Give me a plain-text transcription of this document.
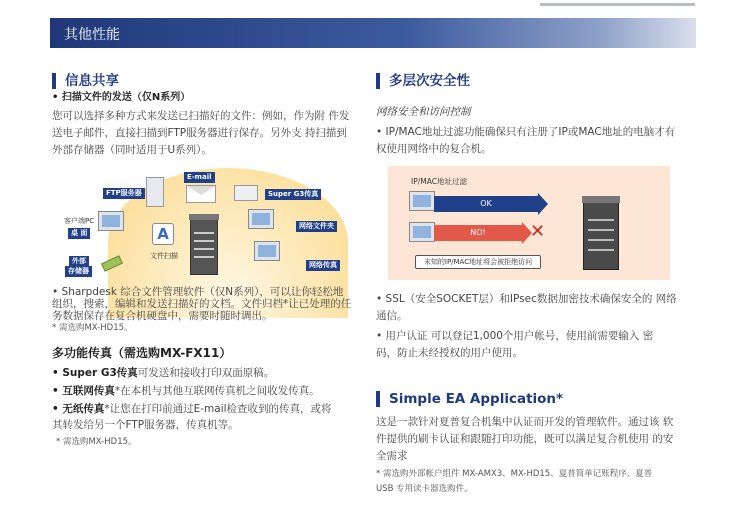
其他性能
信息共享
• 扫描文件的发送（仅N系列）
您可以选择多种方式来发送已扫描好的文件：例如，作为附 件发
送电子邮件，直接扫描到FTP服务器进行保存。另外支 持扫描到
外部存储器（同时适用于U系列）。
FTP服务器
E-mail
Super G3传真
客户端PC
桌 面
网络文件夹
外部
存储器
网络传真
A
文件扫描
• Sharpdesk 综合文件管理软件（仅N系列），可以让你轻松地
组织，搜索，编辑和发送扫描好的文档。文件归档*让已处理的任
务数据保存在复合机硬盘中，需要时随时调出。
* 需选购MX-HD15。
多功能传真（需选购MX-FX11）
• Super G3传真可发送和接收打印双面原稿。
• 互联网传真*在本机与其他互联网传真机之间收发传真。
• 无纸传真*让您在打印前通过E-mail检查收到的传真，或将
其转发给另一个FTP服务器，传真机等。
* 需选购MX-HD15。
多层次安全性
网络安全和访问控制
• IP/MAC地址过滤功能确保只有注册了IP或MAC地址的电脑才有
权使用网络中的复合机。
IP/MAC地址过滤
OK
NO!	✕
未知的IP/MAC地址将会被拒绝访问
• SSL（安全SOCKET层）和IPsec数据加密技术确保安全的 网络
通信。
• 用户认证 可以登记1,000个用户帐号，使用前需要输入 密
码，防止未经授权的用户使用。
Simple EA Application*
这是一款针对夏普复合机集中认证而开发的管理软件。通过该 软
件提供的刷卡认证和跟随打印功能，既可以满足复合机使用 的安
全需求
* 需选购外部帐户组件 MX-AMX3、MX-HD15、夏普简单记账程序、夏普
USB 专用读卡器选购件。
